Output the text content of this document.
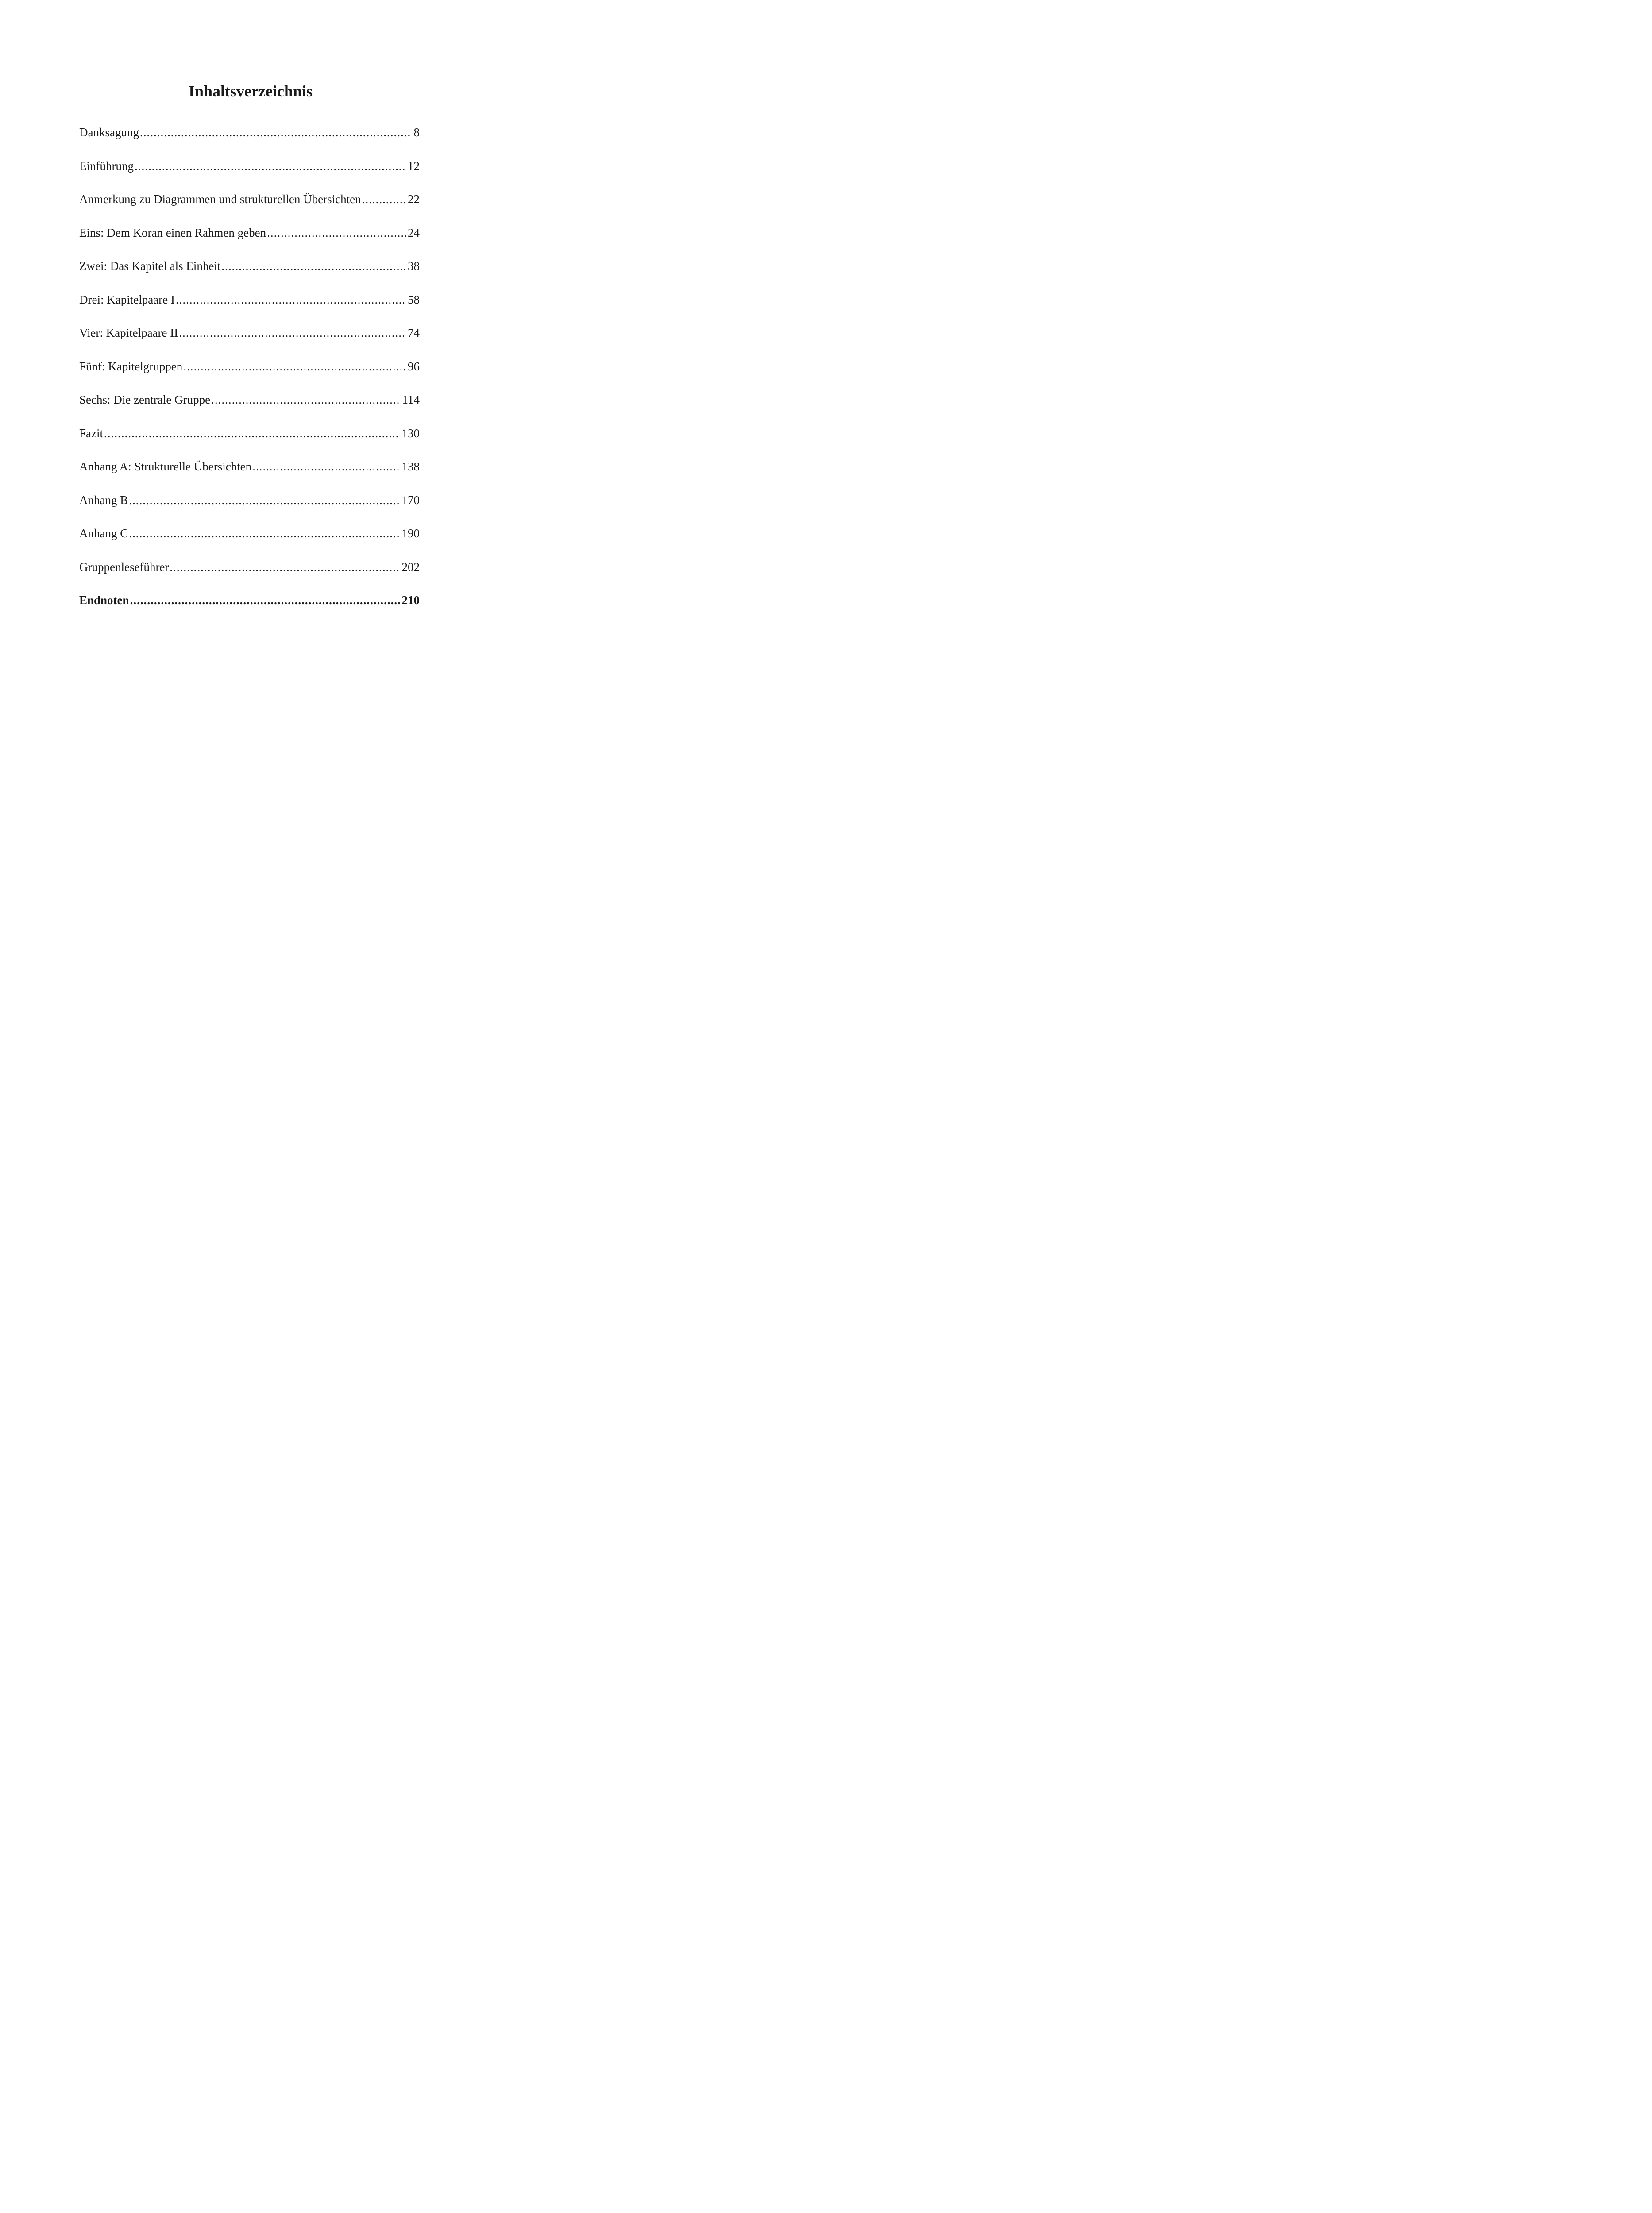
Inhaltsverzeichnis
Danksagung .....	8
Einführung .....	12
Anmerkung zu Diagrammen und strukturellen Übersichten .....	22
Eins: Dem Koran einen Rahmen geben .....	24
Zwei: Das Kapitel als Einheit .....	38
Drei: Kapitelpaare I .....	58
Vier: Kapitelpaare II .....	74
Fünf: Kapitelgruppen .....	96
Sechs: Die zentrale Gruppe .....	114
Fazit .....	130
Anhang A: Strukturelle Übersichten .....	138
Anhang B .....	170
Anhang C .....	190
Gruppenleseführer .....	202
Endnoten .....	210
